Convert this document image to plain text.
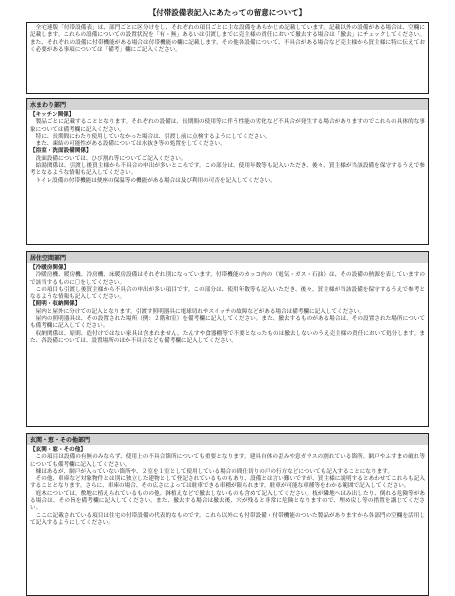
【付帯設備表記入にあたっての留意について】

全宅連版「付帯設備表」は、部門ごとに区分けをし、それぞれの項目ごとに主な設備をあらかじめ記載しています。記載以外の設備がある場合は、空欄に記載します。これらの設備についての設置状況を「有・無」あるいは引渡しまでに売主様の責任において撤去する場合は「撤去」にチェックしてください。また、それぞれの設備に付帯機能がある場合は付帯機能の欄に記載します。その他各設備について、不具合がある場合など売主様から買主様に特に伝えておく必要がある事項については「備考」欄にご記入ください。

水まわり部門

【キッチン関係】

製品ごとに記載することとなります。それぞれの設備は、長期間の使用等に伴う性能の劣化など不具合が発生する場合がありますのでこれらの具体的な事象については備考欄に記入ください。

特に、長期間にわたり使用していなかった場合は、引渡し前に点検するようにしてください。

また、凍結の可能性がある設備については水抜き等の処置をしてください。

【浴室・洗面設備関係】

洗面設備については、ひび割れ等についてご記入ください。

給湯関係は、引渡し後買主様から不具合の申出が多いところです。この部分は、使用年数等も記入いただき、後々、買主様が当該設備を保守するうえで参考となるような情報も記入してください。

トイレ設備の付帯機能は便座の保温等の機能がある場合は及び利用の可否を記入してください。

居住空間部門

【冷暖房関係】

冷暖房機、暖房機、冷房機、床暖房設備はそれぞれ別になっています。付帯機能のカッコ内の（電気・ガス・石油）は、その設備の熱源を表していますので該当するものに〇をしてください。

この項目も引渡し後買主様から不具合の申出が多い項目です。この部分は、使用年数等も記入いただき、後々、買主様が当該設備を保守するうえで参考となるような情報も記入してください。

【照明・収納関係】

屋内と屋外に分けての記入となります。引渡す照明器具に電球切れやスイッチの故障などがある場合は備考欄に記入してください。

屋内の照明器具は、その設置された場所（例：２階和室）を備考欄に記入してください。また、撤去するものがある場合は、その設置された場所についても備考欄に記入してください。

収納関係は、原則、造付けではない家具は含まれません。たんすや食器棚等で不要となったものは撤去しないのうえ売主様の責任において処分します。また、各設備については、設置場所のほか不具合なども備考欄に記入してください。

玄関・窓・その他部門

【玄関・窓・その他】

この項目は設備の有無のみならず、使用上の不具合箇所についても重要となります。建具自体の歪みや窓ガラスの割れている箇所、網戸やふすまの破れ等についても備考欄に記入してください。

煉はあるが、網戸が入っていない箇所や、２室を１室として使用している場合の間仕切りの戸の行方などについても記入することになります。

その他、車庫など対象物件とは別に独立した建物として登記されているものもあり、設備とは言い難いですが、買主様に説明するとあわせてこれらも記入することとなります。さらに、車庫の場合、その広さによっては駐車できる車種が限られます。駐車が可能な車種等をわかる範囲で記入してください。

庭木については、敷地に植えられているものの他、鉢植えなどで撤去しないものも含めて記入してください。枝が隣地へはみ出したり、倒れる危険等がある場合は、その旨を備考欄に記入してください。また、撤去する場合は撤去後、穴が残ると非常に危険となりますので、埋め戻し等の措置を講じてください。

ここに記載されている項目は住宅の付帯設備の代表的なものです。これら以外にも付帯設備・付帯機能のついた製品がありますから各部門の空欄を活用して記入するようにしてください。
